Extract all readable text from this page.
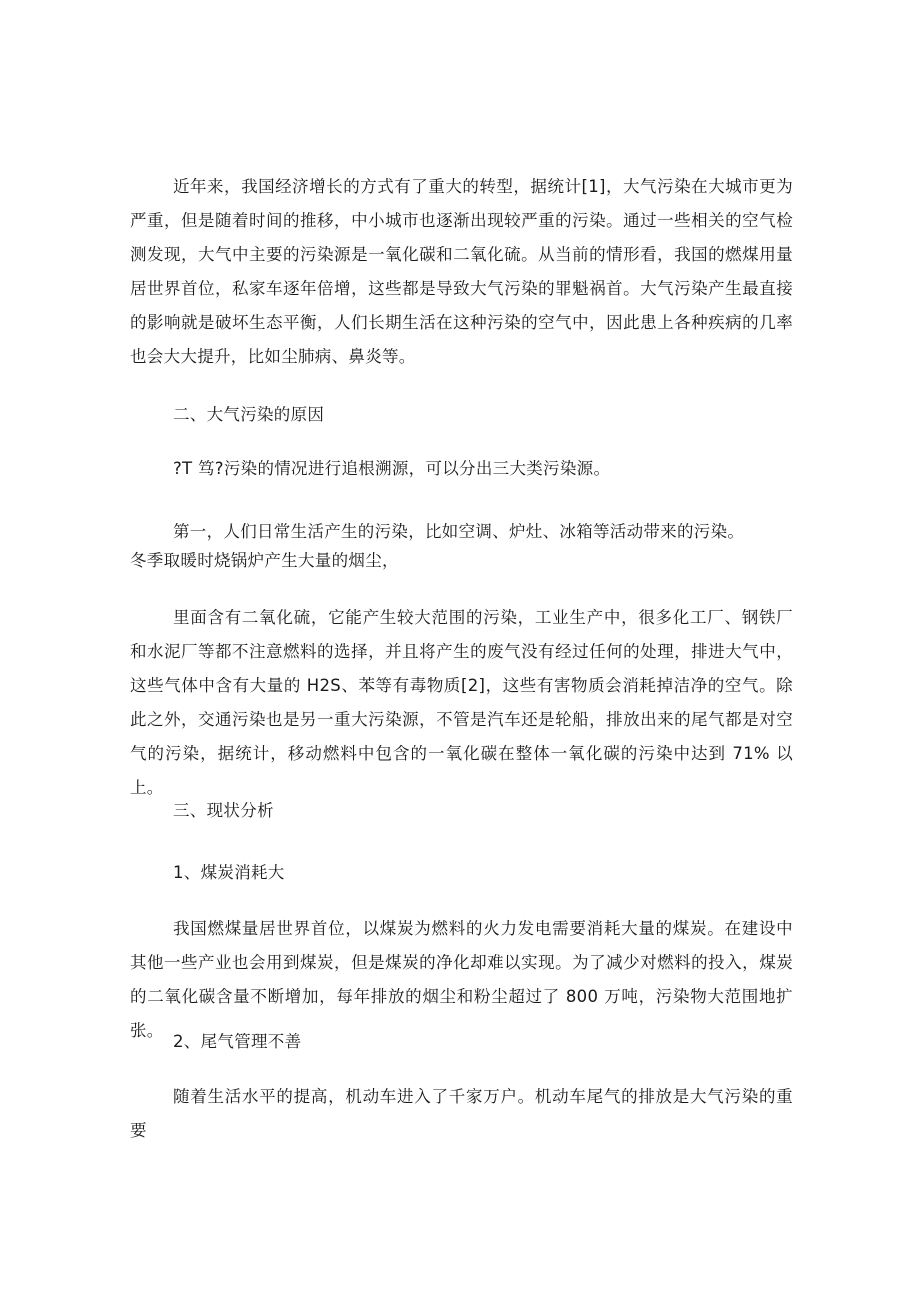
近年来，我国经济增长的方式有了重大的转型，据统计[1]，大气污染在大城市更为严重，但是随着时间的推移，中小城市也逐渐出现较严重的污染。通过一些相关的空气检测发现，大气中主要的污染源是一氧化碳和二氧化硫。从当前的情形看，我国的燃煤用量居世界首位，私家车逐年倍增，这些都是导致大气污染的罪魁祸首。大气污染产生最直接的影响就是破坏生态平衡，人们长期生活在这种污染的空气中，因此患上各种疾病的几率也会大大提升，比如尘肺病、鼻炎等。

二、大气污染的原因

?T 笃?污染的情况进行追根溯源，可以分出三大类污染源。

第一，人们日常生活产生的污染，比如空调、炉灶、冰箱等活动带来的污染。
冬季取暖时烧锅炉产生大量的烟尘，

里面含有二氧化硫，它能产生较大范围的污染，工业生产中，很多化工厂、钢铁厂和水泥厂等都不注意燃料的选择，并且将产生的废气没有经过任何的处理，排进大气中，这些气体中含有大量的 H2S、苯等有毒物质[2]，这些有害物质会消耗掉洁净的空气。除此之外，交通污染也是另一重大污染源，不管是汽车还是轮船，排放出来的尾气都是对空气的污染，据统计，移动燃料中包含的一氧化碳在整体一氧化碳的污染中达到 71% 以上。

三、现状分析

1、煤炭消耗大

我国燃煤量居世界首位，以煤炭为燃料的火力发电需要消耗大量的煤炭。在建设中其他一些产业也会用到煤炭，但是煤炭的净化却难以实现。为了减少对燃料的投入，煤炭的二氧化碳含量不断增加，每年排放的烟尘和粉尘超过了 800 万吨，污染物大范围地扩张。

2、尾气管理不善

随着生活水平的提高，机动车进入了千家万户。机动车尾气的排放是大气污染的重要
